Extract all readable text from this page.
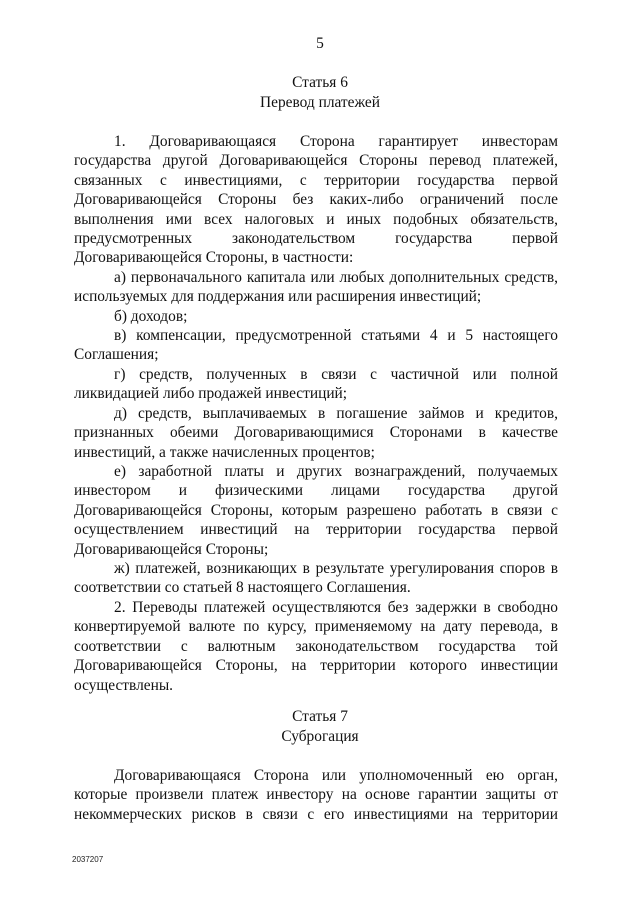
5
Статья 6
Перевод платежей

1. Договаривающаяся Сторона гарантирует инвесторам государства другой Договаривающейся Стороны перевод платежей, связанных с инвестициями, с территории государства первой Договаривающейся Стороны без каких-либо ограничений после выполнения ими всех налоговых и иных подобных обязательств, предусмотренных законодательством государства первой Договаривающейся Стороны, в частности:

а) первоначального капитала или любых дополнительных средств, используемых для поддержания или расширения инвестиций;

б) доходов;

в) компенсации, предусмотренной статьями 4 и 5 настоящего Соглашения;

г) средств, полученных в связи с частичной или полной ликвидацией либо продажей инвестиций;

д) средств, выплачиваемых в погашение займов и кредитов, признанных обеими Договаривающимися Сторонами в качестве инвестиций, а также начисленных процентов;

е) заработной платы и других вознаграждений, получаемых инвестором и физическими лицами государства другой Договаривающейся Стороны, которым разрешено работать в связи с осуществлением инвестиций на территории государства первой Договаривающейся Стороны;

ж) платежей, возникающих в результате урегулирования споров в соответствии со статьей 8 настоящего Соглашения.

2. Переводы платежей осуществляются без задержки в свободно конвертируемой валюте по курсу, применяемому на дату перевода, в соответствии с валютным законодательством государства той Договаривающейся Стороны, на территории которого инвестиции осуществлены.

Статья 7
Суброгация

Договаривающаяся Сторона или уполномоченный ею орган, которые произвели платеж инвестору на основе гарантии защиты от некоммерческих рисков в связи с его инвестициями на территории

2037207
